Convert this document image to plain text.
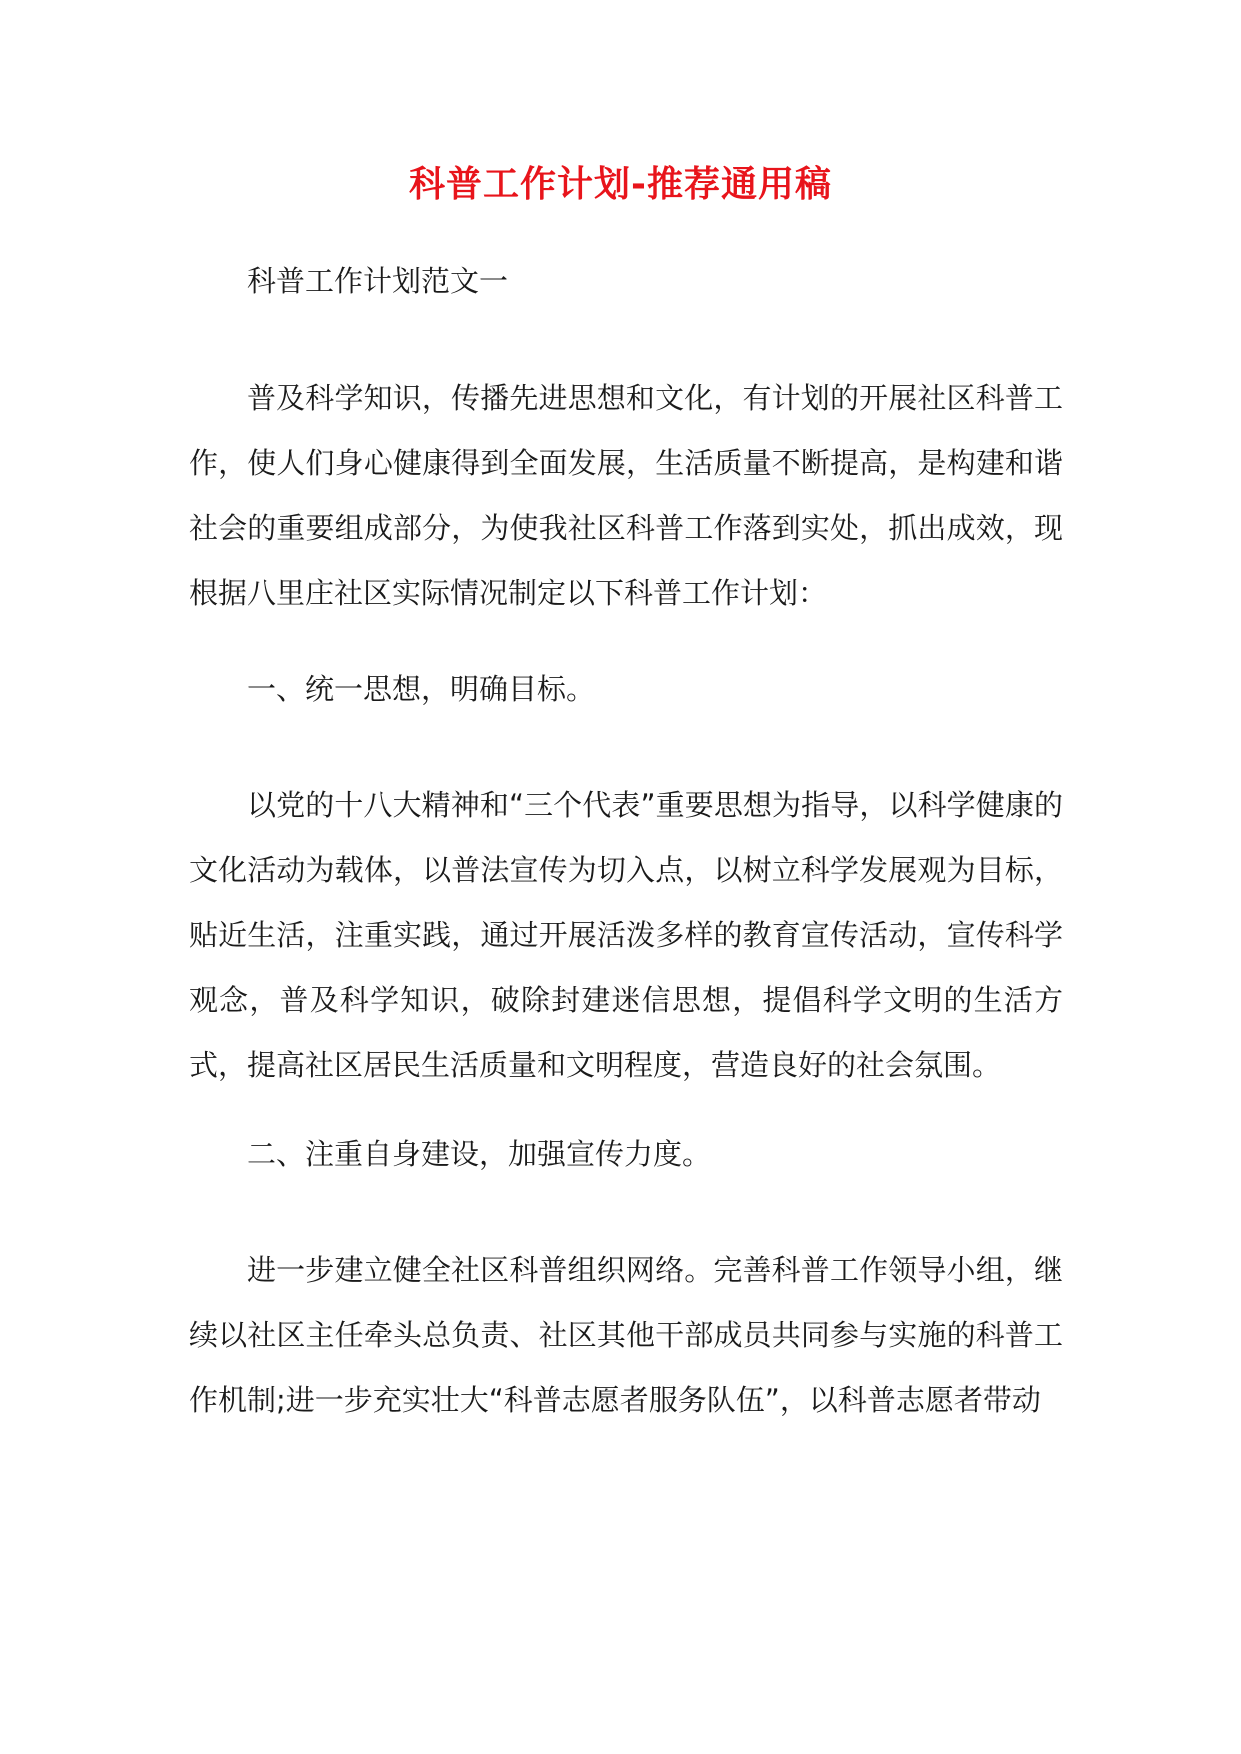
科普工作计划-推荐通用稿

科普工作计划范文一

普及科学知识，传播先进思想和文化，有计划的开展社区科普工作，使人们身心健康得到全面发展，生活质量不断提高，是构建和谐社会的重要组成部分，为使我社区科普工作落到实处，抓出成效，现根据八里庄社区实际情况制定以下科普工作计划：

一、统一思想，明确目标。

以党的十八大精神和“三个代表”重要思想为指导，以科学健康的文化活动为载体，以普法宣传为切入点，以树立科学发展观为目标，贴近生活，注重实践，通过开展活泼多样的教育宣传活动，宣传科学观念，普及科学知识，破除封建迷信思想，提倡科学文明的生活方式，提高社区居民生活质量和文明程度，营造良好的社会氛围。

二、注重自身建设，加强宣传力度。

进一步建立健全社区科普组织网络。完善科普工作领导小组，继续以社区主任牵头总负责、社区其他干部成员共同参与实施的科普工作机制;进一步充实壮大“科普志愿者服务队伍”，以科普志愿者带动
